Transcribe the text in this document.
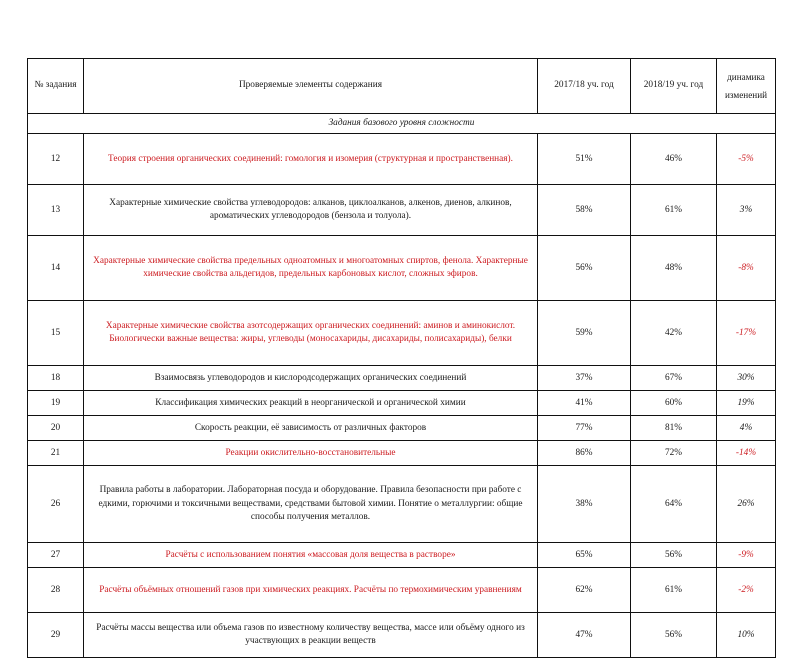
№ задания	Проверяемые элементы содержания	2017/18 уч. год	2018/19 уч. год	динамика
изменений
Задания базового уровня сложности				
12	Теория строения органических соединений: гомология и изомерия (структурная и пространственная).	51%	46%	-5%
13	Характерные химические свойства углеводородов: алканов, циклоалканов, алкенов, диенов, алкинов, ароматических углеводородов (бензола и толуола).	58%	61%	3%
14	Характерные химические свойства предельных одноатомных и многоатомных спиртов, фенола. Характерные химические свойства альдегидов, предельных карбоновых кислот, сложных эфиров.	56%	48%	-8%
15	Характерные химические свойства азотсодержащих органических соединений: аминов и аминокислот. Биологически важные вещества: жиры, углеводы (моносахариды, дисахариды, полисахариды), белки	59%	42%	-17%
18	Взаимосвязь углеводородов и кислородсодержащих органических соединений	37%	67%	30%
19	Классификация химических реакций в неорганической и органической химии	41%	60%	19%
20	Скорость реакции, её зависимость от различных факторов	77%	81%	4%
21	Реакции окислительно-восстановительные	86%	72%	-14%
26	Правила работы в лаборатории. Лабораторная посуда и оборудование. Правила безопасности при работе с едкими, горючими и токсичными веществами, средствами бытовой химии. Понятие о металлургии: общие способы получения металлов.	38%	64%	26%
27	Расчёты с использованием понятия «массовая доля вещества в растворе»	65%	56%	-9%
28	Расчёты объёмных отношений газов при химических реакциях. Расчёты по термохимическим уравнениям	62%	61%	-2%
29	Расчёты массы вещества или объема газов по известному количеству вещества, массе или объёму одного из участвующих в реакции веществ	47%	56%	10%
